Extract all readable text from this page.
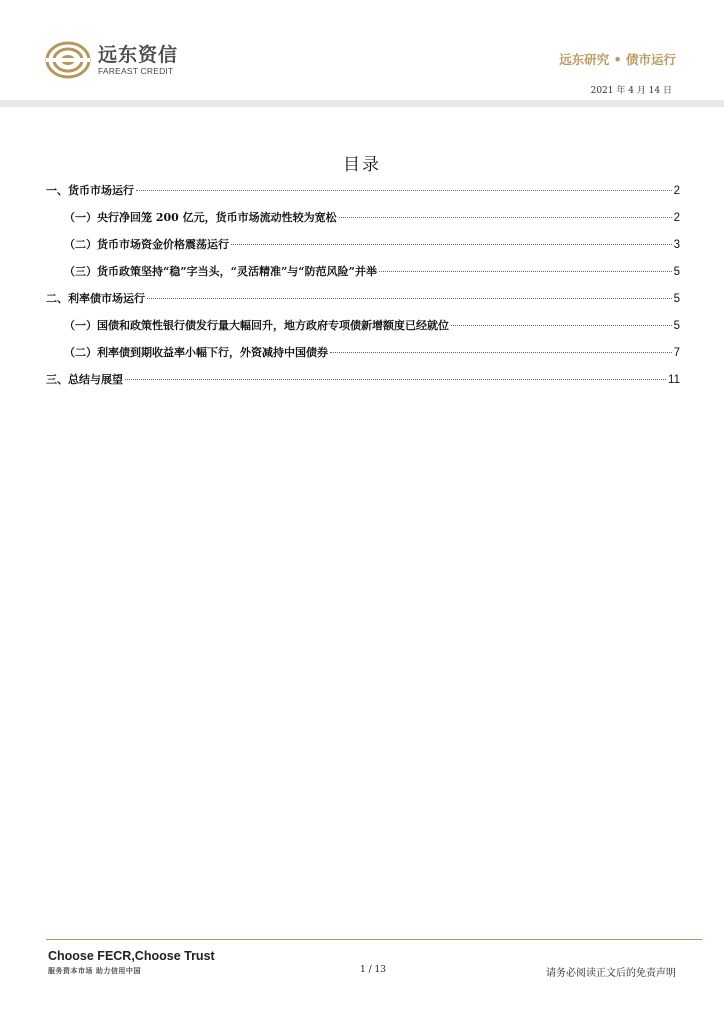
远东资信
FAREAST CREDIT
远东研究 • 债市运行
2021 年 4 月 14 日
目录
一、货币市场运行	2
（一）央行净回笼 200 亿元，货币市场流动性较为宽松	2
（二）货币市场资金价格震荡运行	3
（三）货币政策坚持“稳”字当头，“灵活精准”与“防范风险”并举	5
二、利率债市场运行	5
（一）国债和政策性银行债发行量大幅回升，地方政府专项债新增额度已经就位	5
（二）利率债到期收益率小幅下行，外资减持中国债券	7
三、总结与展望	11
Choose FECR,Choose Trust
服务资本市场 助力信用中国	1 / 13	请务必阅读正文后的免责声明
